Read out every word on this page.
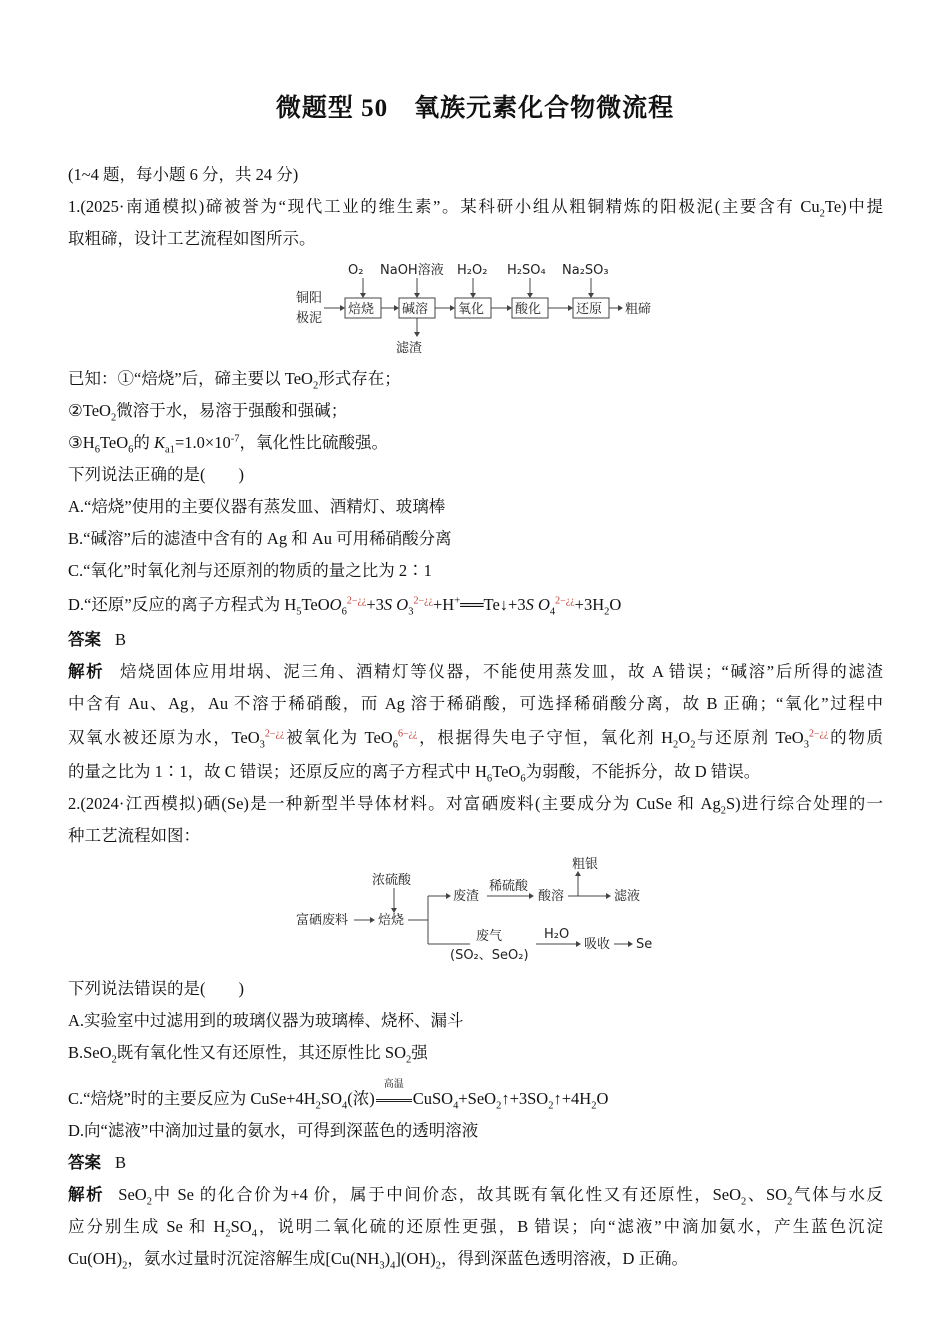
微题型 50　氧族元素化合物微流程
(1~4 题，每小题 6 分，共 24 分)
1.(2025·南通模拟)碲被誉为“现代工业的维生素”。某科研小组从粗铜精炼的阳极泥(主要含有 $Cu_2Te$)中提
取粗碲，设计工艺流程如图所示。
铜阳
极泥
焙烧 碱溶 氧化 酸化	还原 粗碲
O₂ NaOH溶液 H₂O₂ H₂SO₄ Na₂SO₃
滤渣
已知：①“焙烧”后，碲主要以 TeO$_2$形式存在；
②TeO$_2$微溶于水，易溶于强酸和强碱；
$③H_6TeO_6$的 $K_{a1}=1.0\times 10^{-7}$，氧化性比硫酸强。
下列说法正确的是(　　)
A.“焙烧”使用的主要仪器有蒸发皿、酒精灯、玻璃棒
B.“碱溶”后的滤渣中含有的 Ag 和 Au 可用稀硝酸分离
C.“氧化”时氧化剂与还原剂的物质的量之比为 2∶1
D.“还原”反应的离子方程式为 $H_5TeOO_6^{2-¿¿}+3S$ $O_3^{2-¿¿}+H^+══Te↓+3S$ $O_4^{2-¿¿}+3H_2O$
答案 B
解析 焙烧固体应用坩埚、泥三角、酒精灯等仪器，不能使用蒸发皿，故 A 错误；“碱溶”后所得的滤渣
中含有 Au、Ag，Au 不溶于稀硝酸，而 Ag 溶于稀硝酸，可选择稀硝酸分离，故 B 正确；“氧化”过程中
双氧水被还原为水，TeO$_3^{2-¿¿}$被氧化为 TeO$_6^{6-¿¿}$，根据得失电子守恒，氧化剂 $H_2O_2$与还原剂 TeO$_3^{2-¿¿}$的物质
的量之比为 1∶1，故 C 错误；还原反应的离子方程式中 $H_6TeO_6$为弱酸，不能拆分，故 D 错误。
2.(2024·江西模拟)硒(Se)是一种新型半导体材料。对富硒废料(主要成分为 CuSe 和 $Ag_2S$)进行综合处理的一
种工艺流程如图：
浓硫酸
富硒废料 焙烧
废渣
稀硫酸
酸溶
粗银
滤液
废气
(SO₂、SeO₂)
H₂O
吸收 Se
下列说法错误的是(　　)
A.实验室中过滤用到的玻璃仪器为玻璃棒、烧杯、漏斗
B.SeO$_2$既有氧化性又有还原性，其还原性比 $SO_2$强
C.“焙烧”时的主要反应为 $CuSe+4H_2SO_4$(浓)
高温
$CuSO_4+SeO_2↑+3SO_2↑+4H_2O$
D.向“滤液”中滴加过量的氨水，可得到深蓝色的透明溶液
答案 B
解析 SeO$_2$中 Se 的化合价为+4 价，属于中间价态，故其既有氧化性又有还原性，SeO$_2$、$SO_2$气体与水反
应分别生成 Se 和 $H_2SO_4$，说明二氧化硫的还原性更强，B 错误；向“滤液”中滴加氨水，产生蓝色沉淀
$Cu(OH)_2$，氨水过量时沉淀溶解生成$[Cu(NH_3)_4](OH)_2$，得到深蓝色透明溶液，D 正确。
